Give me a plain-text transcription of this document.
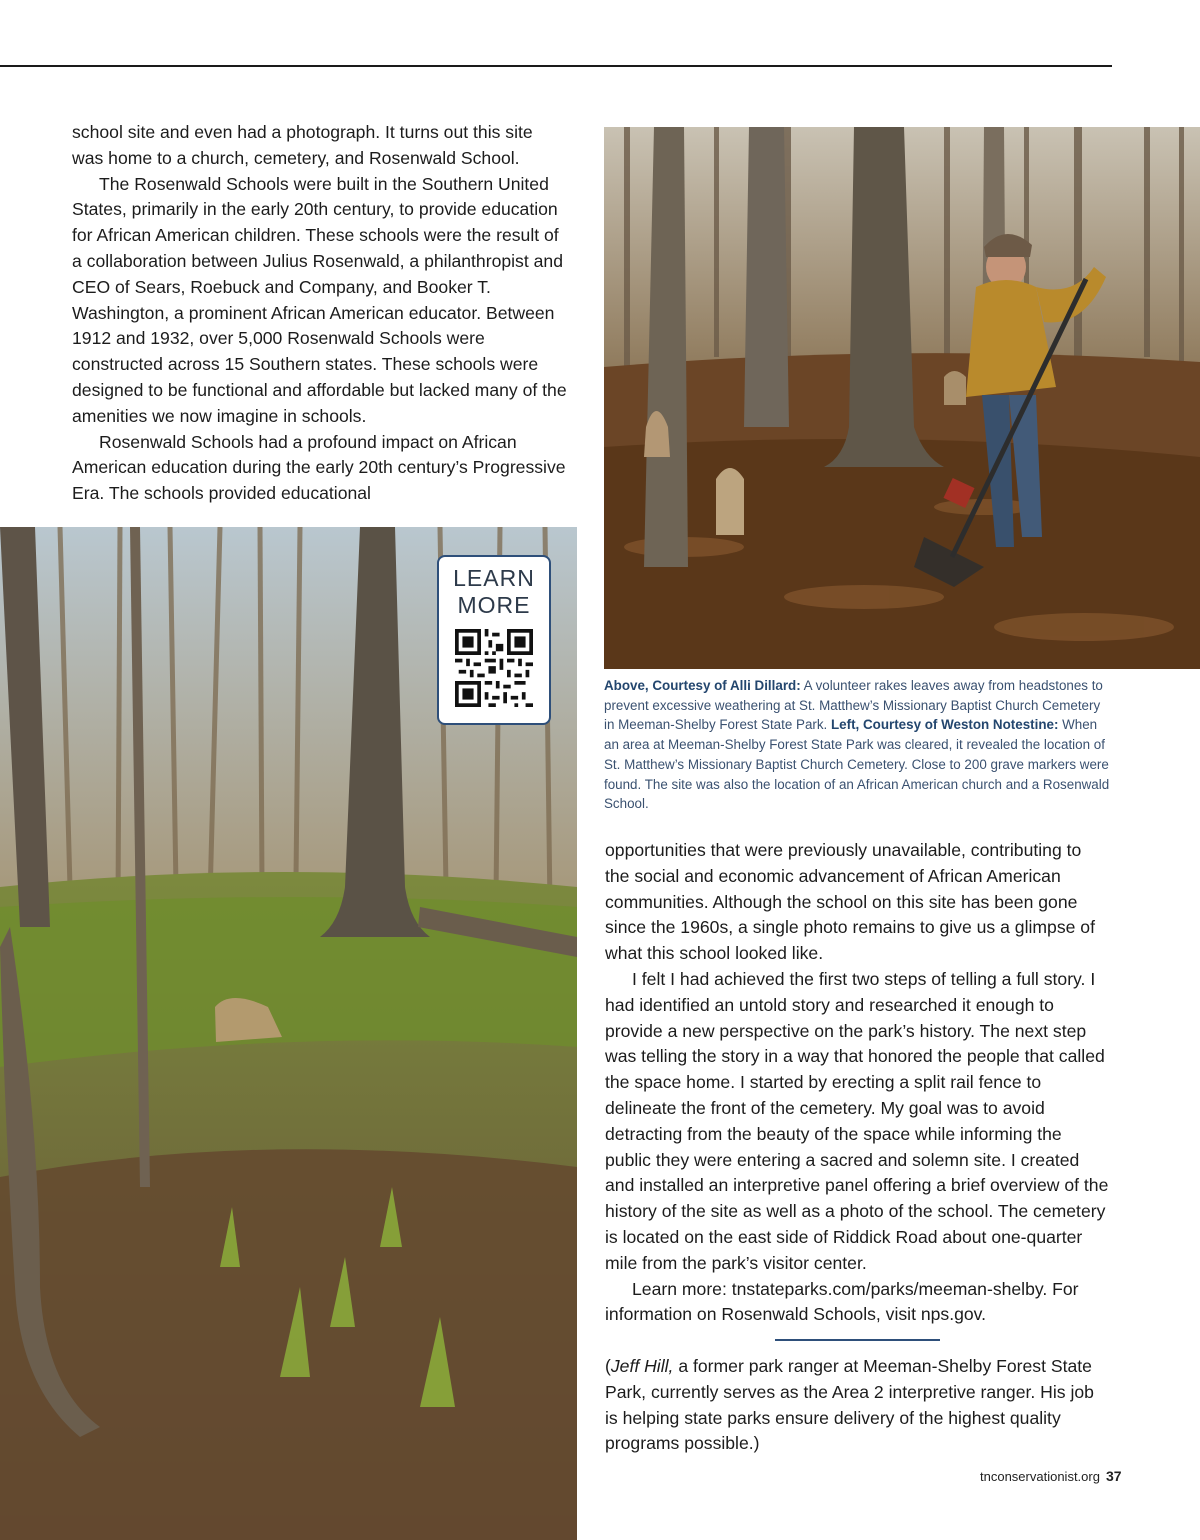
school site and even had a photograph. It turns out this site was home to a church, cemetery, and Rosenwald School.

The Rosenwald Schools were built in the Southern United States, primarily in the early 20th century, to provide education for African American children. These schools were the result of a collaboration between Julius Rosenwald, a philanthropist and CEO of Sears, Roebuck and Company, and Booker T. Washington, a prominent African American educator. Between 1912 and 1932, over 5,000 Rosenwald Schools were constructed across 15 Southern states. These schools were designed to be functional and affordable but lacked many of the amenities we now imagine in schools.

Rosenwald Schools had a profound impact on African American education during the early 20th century’s Progressive Era. The schools provided educational

LEARN
MORE
Above, Courtesy of Alli Dillard: A volunteer rakes leaves away from headstones to prevent excessive weathering at St. Matthew’s Missionary Baptist Church Cemetery in Meeman-Shelby Forest State Park. Left, Courtesy of Weston Notestine: When an area at Meeman-Shelby Forest State Park was cleared, it revealed the location of St. Matthew’s Missionary Baptist Church Cemetery. Close to 200 grave markers were found. The site was also the location of an African American church and a Rosenwald School.

opportunities that were previously unavailable, contributing to the social and economic advancement of African American communities. Although the school on this site has been gone since the 1960s, a single photo remains to give us a glimpse of what this school looked like.

I felt I had achieved the first two steps of telling a full story. I had identified an untold story and researched it enough to provide a new perspective on the park’s history. The next step was telling the story in a way that honored the people that called the space home. I started by erecting a split rail fence to delineate the front of the cemetery. My goal was to avoid detracting from the beauty of the space while informing the public they were entering a sacred and solemn site. I created and installed an interpretive panel offering a brief overview of the history of the site as well as a photo of the school. The cemetery is located on the east side of Riddick Road about one-quarter mile from the park’s visitor center.

Learn more: tnstateparks.com/parks/meeman-shelby. For information on Rosenwald Schools, visit nps.gov.

(Jeff Hill, a former park ranger at Meeman-Shelby Forest State Park, currently serves as the Area 2 interpretive ranger. His job is helping state parks ensure delivery of the highest quality programs possible.)
tnconservationist.org 37
